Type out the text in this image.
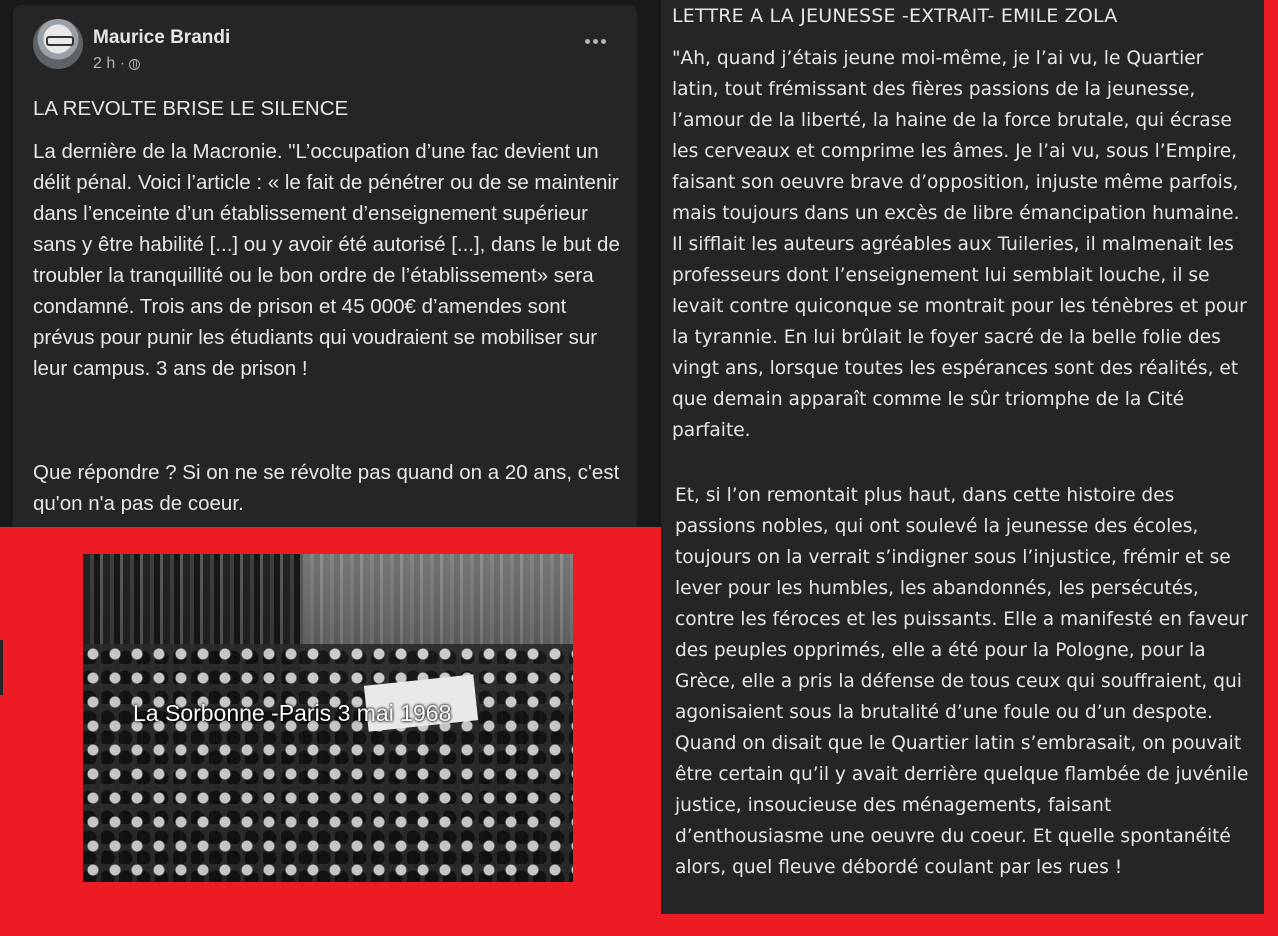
Maurice Brandi
2 h ·

LA REVOLTE BRISE LE SILENCE

La dernière de la Macronie. "L’occupation d’une fac devient un délit pénal. Voici l’article : « le fait de pénétrer ou de se maintenir dans l’enceinte d’un établissement d’enseignement supérieur sans y être habilité [...] ou y avoir été autorisé [...], dans le but de troubler la tranquillité ou le bon ordre de l’établissement» sera condamné. Trois ans de prison et 45 000€ d’amendes sont prévus pour punir les étudiants qui voudraient se mobiliser sur leur campus. 3 ans de prison !

Que répondre ? Si on ne se révolte pas quand on a 20 ans, c'est qu'on n'a pas de coeur.

La Sorbonne -Paris 3 mai 1968
LETTRE A LA JEUNESSE -EXTRAIT- EMILE ZOLA

"Ah, quand j’étais jeune moi-même, je l’ai vu, le Quartier latin, tout frémissant des fières passions de la jeunesse, l’amour de la liberté, la haine de la force brutale, qui écrase les cerveaux et comprime les âmes. Je l’ai vu, sous l’Empire, faisant son oeuvre brave d’opposition, injuste même parfois, mais toujours dans un excès de libre émancipation humaine. Il sifflait les auteurs agréables aux Tuileries, il malmenait les professeurs dont l’enseignement lui semblait louche, il se levait contre quiconque se montrait pour les ténèbres et pour la tyrannie. En lui brûlait le foyer sacré de la belle folie des vingt ans, lorsque toutes les espérances sont des réalités, et que demain apparaît comme le sûr triomphe de la Cité parfaite.

Et, si l’on remontait plus haut, dans cette histoire des passions nobles, qui ont soulevé la jeunesse des écoles, toujours on la verrait s’indigner sous l’injustice, frémir et se lever pour les humbles, les abandonnés, les persécutés, contre les féroces et les puissants. Elle a manifesté en faveur des peuples opprimés, elle a été pour la Pologne, pour la Grèce, elle a pris la défense de tous ceux qui souffraient, qui agonisaient sous la brutalité d’une foule ou d’un despote. Quand on disait que le Quartier latin s’embrasait, on pouvait être certain qu’il y avait derrière quelque flambée de juvénile justice, insoucieuse des ménagements, faisant d’enthousiasme une oeuvre du coeur. Et quelle spontanéité alors, quel fleuve débordé coulant par les rues !
